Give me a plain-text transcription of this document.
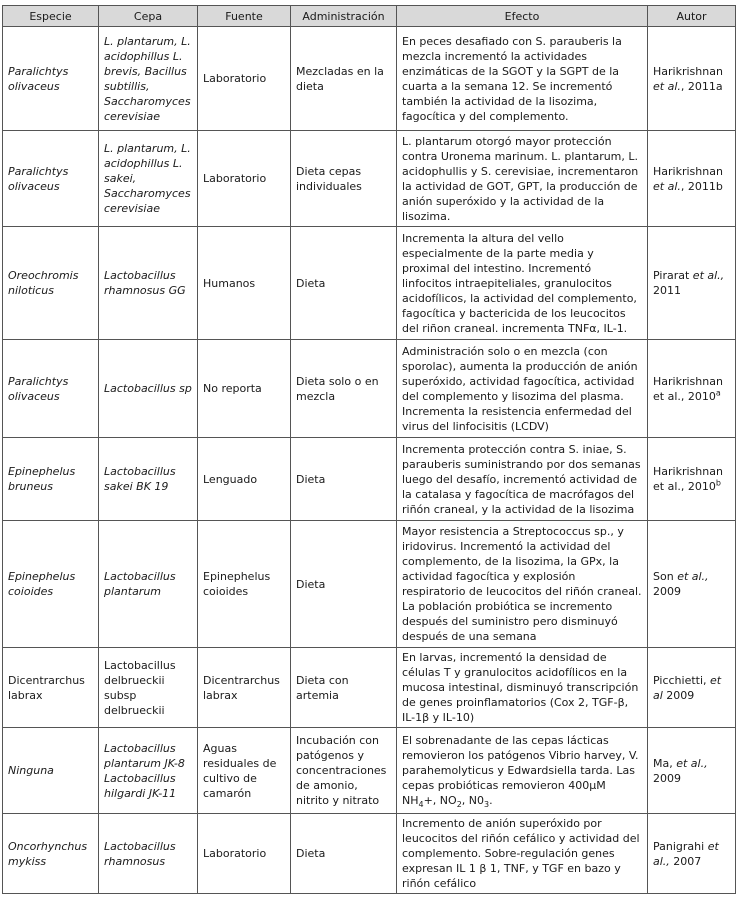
Especie	Cepa	Fuente	Administración	Efecto	Autor
Paralichtys olivaceus	L. plantarum, L. acidophillus L. brevis, Bacillus subtillis, Saccharomyces cerevisiae	Laboratorio	Mezcladas en la dieta	En peces desafiado con S. parauberis la mezcla incrementó la actividades enzimáticas de la SGOT y la SGPT de la cuarta a la semana 12. Se incrementó también la actividad de la lisozima, fagocítica y del complemento.	Harikrishnan et al., 2011a
Paralichtys olivaceus	L. plantarum, L. acidophillus L. sakei, Saccharomyces cerevisiae	Laboratorio	Dieta cepas individuales	L. plantarum otorgó mayor protección contra Uronema marinum. L. plantarum, L. acidophullis y S. cerevisiae, incrementaron la actividad de GOT, GPT, la producción de anión superóxido y la actividad de la lisozima.	Harikrishnan et al., 2011b
Oreochromis niloticus	Lactobacillus rhamnosus GG	Humanos	Dieta	Incrementa la altura del vello especialmente de la parte media y proximal del intestino. Incrementó linfocitos intraepiteliales, granulocitos acidofílicos, la actividad del complemento, fagocítica y bactericida de los leucocitos del riñon craneal. incrementa TNFα, IL-1.	Pirarat et al., 2011
Paralichtys olivaceus	Lactobacillus sp	No reporta	Dieta solo o en mezcla	Administración solo o en mezcla (con sporolac), aumenta la producción de anión superóxido, actividad fagocítica, actividad del complemento y lisozima del plasma. Incrementa la resistencia enfermedad del virus del linfocisitis (LCDV)	Harikrishnan et al., 2010$^a$
Epinephelus bruneus	Lactobacillus sakei BK 19	Lenguado	Dieta	Incrementa protección contra S. iniae, S. parauberis suministrando por dos semanas luego del desafío, incrementó actividad de la catalasa y fagocítica de macrófagos del riñón craneal, y la actividad de la lisozima	Harikrishnan et al., 2010$^b$
Epinephelus coioides	Lactobacillus plantarum	Epinephelus coioides	Dieta	Mayor resistencia a Streptococcus sp., y iridovirus. Incrementó la actividad del complemento, de la lisozima, la GPx, la actividad fagocítica y explosión respiratorio de leucocitos del riñón craneal. La población probiótica se incremento después del suministro pero disminuyó después de una semana	Son et al., 2009
Dicentrarchus labrax	Lactobacillus delbrueckii subsp delbrueckii	Dicentrarchus labrax	Dieta con artemia	En larvas, incrementó la densidad de células T y granulocitos acidofílicos en la mucosa intestinal, disminuyó transcripción de genes proinflamatorios (Cox 2, TGF-β, IL-1β y IL-10)	Picchietti, et al 2009
Ninguna	Lactobacillus plantarum JK-8 Lactobacillus hilgardi JK-11	Aguas residuales de cultivo de camarón	Incubación con patógenos y concentraciones de amonio, nitrito y nitrato	El sobrenadante de las cepas lácticas removieron los patógenos Vibrio harvey, V. parahemolyticus y Edwardsiella tarda. Las cepas probióticas removieron 400μM $NH_4+$, $NO_2$, $N0_3$.	Ma, et al., 2009
Oncorhynchus mykiss	Lactobacillus rhamnosus	Laboratorio	Dieta	Incremento de anión superóxido por leucocitos del riñón cefálico y actividad del complemento. Sobre-regulación genes expresan IL 1 β 1, TNF, y TGF en bazo y riñón cefálico	Panigrahi et al., 2007
